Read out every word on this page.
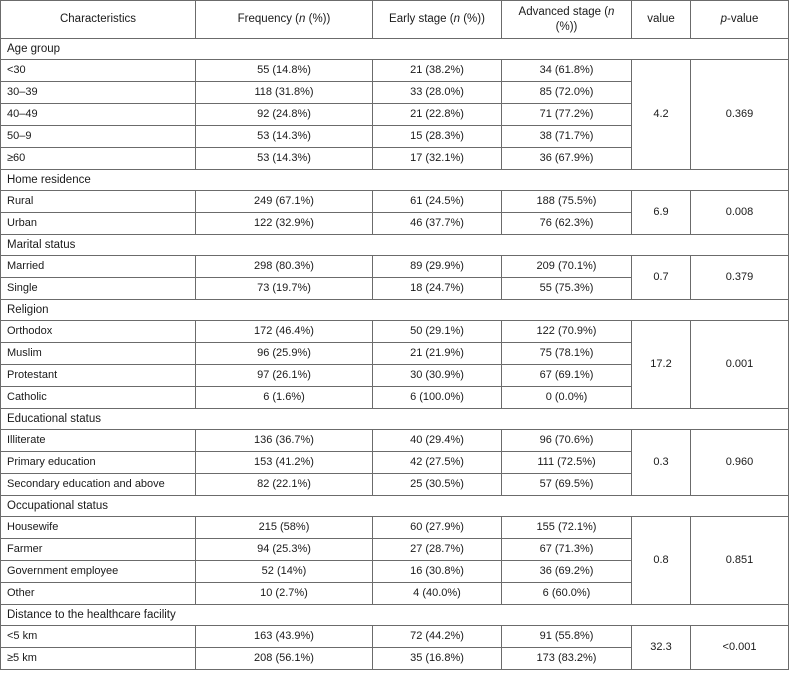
Characteristics	Frequency (n (%))	Early stage (n (%))	Advanced stage (n (%))	value	p-value
Age group					
<30	55 (14.8%)	21 (38.2%)	34 (61.8%)	4.2	0.369
30–39	118 (31.8%)	33 (28.0%)	85 (72.0%)		
40–49	92 (24.8%)	21 (22.8%)	71 (77.2%)		
50–9	53 (14.3%)	15 (28.3%)	38 (71.7%)		
≥60	53 (14.3%)	17 (32.1%)	36 (67.9%)		
Home residence					
Rural	249 (67.1%)	61 (24.5%)	188 (75.5%)	6.9	0.008
Urban	122 (32.9%)	46 (37.7%)	76 (62.3%)		
Marital status					
Married	298 (80.3%)	89 (29.9%)	209 (70.1%)	0.7	0.379
Single	73 (19.7%)	18 (24.7%)	55 (75.3%)		
Religion					
Orthodox	172 (46.4%)	50 (29.1%)	122 (70.9%)	17.2	0.001
Muslim	96 (25.9%)	21 (21.9%)	75 (78.1%)		
Protestant	97 (26.1%)	30 (30.9%)	67 (69.1%)		
Catholic	6 (1.6%)	6 (100.0%)	0 (0.0%)		
Educational status					
Illiterate	136 (36.7%)	40 (29.4%)	96 (70.6%)	0.3	0.960
Primary education	153 (41.2%)	42 (27.5%)	111 (72.5%)		
Secondary education and above	82 (22.1%)	25 (30.5%)	57 (69.5%)		
Occupational status					
Housewife	215 (58%)	60 (27.9%)	155 (72.1%)	0.8	0.851
Farmer	94 (25.3%)	27 (28.7%)	67 (71.3%)		
Government employee	52 (14%)	16 (30.8%)	36 (69.2%)		
Other	10 (2.7%)	4 (40.0%)	6 (60.0%)		
Distance to the healthcare facility					
<5 km	163 (43.9%)	72 (44.2%)	91 (55.8%)	32.3	<0.001
≥5 km	208 (56.1%)	35 (16.8%)	173 (83.2%)		
